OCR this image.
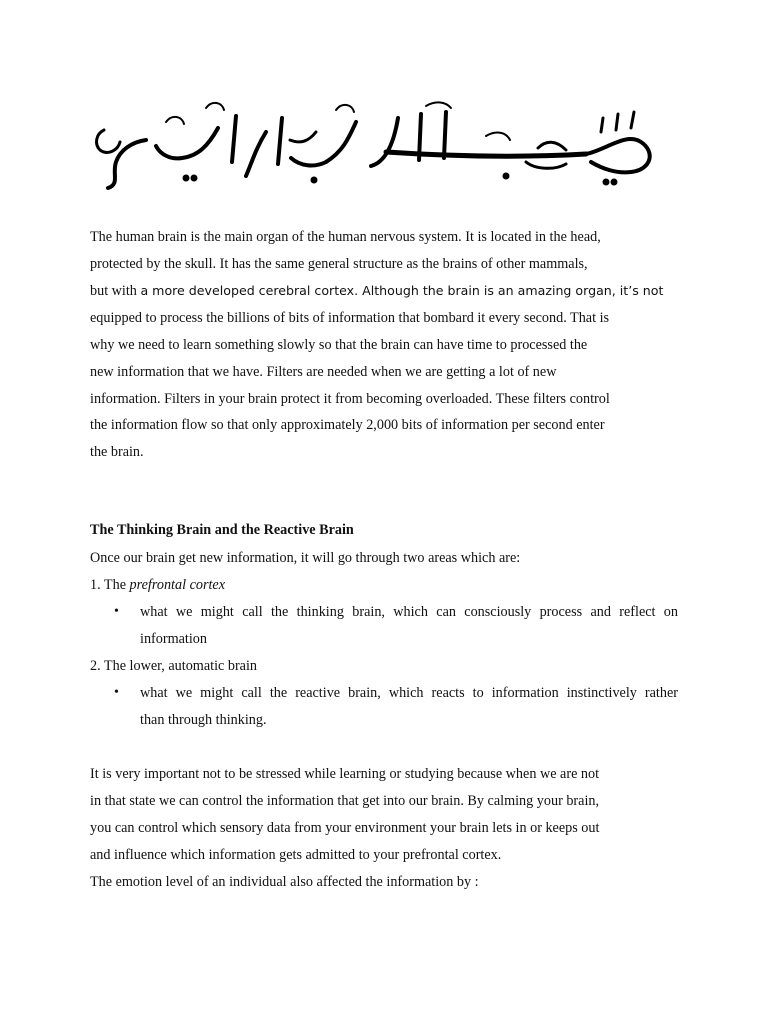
The human brain is the main organ of the human nervous system. It is located in the head,
protected by the skull. It has the same general structure as the brains of other mammals,
but with a more developed cerebral cortex. Although the brain is an amazing organ, it’s not
equipped to process the billions of bits of information that bombard it every second. That is
why we need to learn something slowly so that the brain can have time to processed the
new information that we have. Filters are needed when we are getting a lot of new
information. Filters in your brain protect it from becoming overloaded. These filters control
the information flow so that only approximately 2,000 bits of information per second enter
the brain.
The Thinking Brain and the Reactive Brain
Once our brain get new information, it will go through two areas which are:
1. The prefrontal cortex
• what we might call the thinking brain, which can consciously process and reflect on
information
2. The lower, automatic brain
• what we might call the reactive brain, which reacts to information instinctively rather
than through thinking.
It is very important not to be stressed while learning or studying because when we are not
in that state we can control the information that get into our brain. By calming your brain,
you can control which sensory data from your environment your brain lets in or keeps out
and influence which information gets admitted to your prefrontal cortex.
The emotion level of an individual also affected the information by :
